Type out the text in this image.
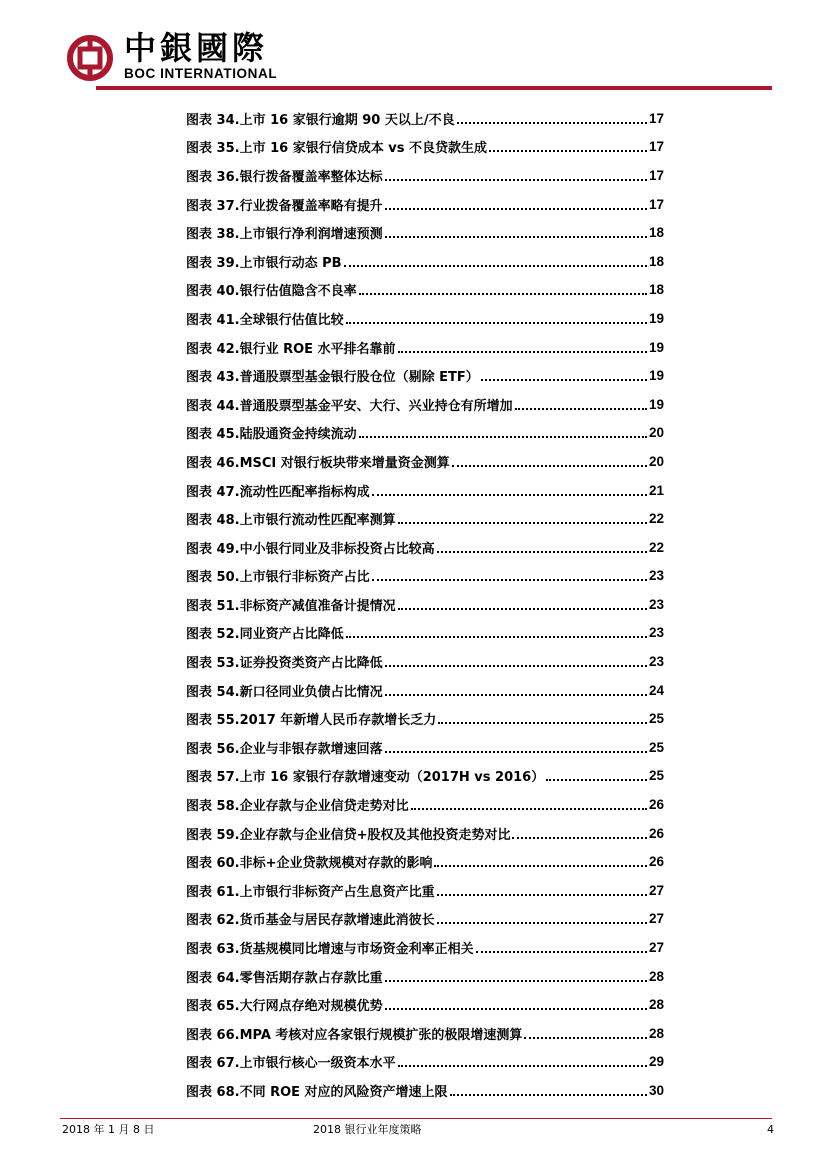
中銀國際
BOC INTERNATIONAL
图表 34. 上市 16 家银行逾期 90 天以上/不良	17
图表 35. 上市 16 家银行信贷成本 vs 不良贷款生成	17
图表 36. 银行拨备覆盖率整体达标	17
图表 37. 行业拨备覆盖率略有提升	17
图表 38. 上市银行净利润增速预测	18
图表 39. 上市银行动态 PB	18
图表 40. 银行估值隐含不良率	18
图表 41. 全球银行估值比较	19
图表 42. 银行业 ROE 水平排名靠前	19
图表 43. 普通股票型基金银行股仓位（剔除 ETF）	19
图表 44. 普通股票型基金平安、大行、兴业持仓有所增加	19
图表 45. 陆股通资金持续流动	20
图表 46. MSCI 对银行板块带来增量资金测算	20
图表 47. 流动性匹配率指标构成	21
图表 48. 上市银行流动性匹配率测算	22
图表 49. 中小银行同业及非标投资占比较高	22
图表 50. 上市银行非标资产占比	23
图表 51. 非标资产减值准备计提情况	23
图表 52. 同业资产占比降低	23
图表 53. 证券投资类资产占比降低	23
图表 54. 新口径同业负债占比情况	24
图表 55. 2017 年新增人民币存款增长乏力	25
图表 56. 企业与非银存款增速回落	25
图表 57. 上市 16 家银行存款增速变动（2017H vs 2016）	25
图表 58. 企业存款与企业信贷走势对比	26
图表 59. 企业存款与企业信贷+股权及其他投资走势对比	26
图表 60. 非标+企业贷款规模对存款的影响	26
图表 61. 上市银行非标资产占生息资产比重	27
图表 62. 货币基金与居民存款增速此消彼长	27
图表 63. 货基规模同比增速与市场资金利率正相关	27
图表 64. 零售活期存款占存款比重	28
图表 65. 大行网点存绝对规模优势	28
图表 66. MPA 考核对应各家银行规模扩张的极限增速测算	28
图表 67. 上市银行核心一级资本水平	29
图表 68. 不同 ROE 对应的风险资产增速上限	30
2018 年 1 月 8 日	2018 银行业年度策略	4
